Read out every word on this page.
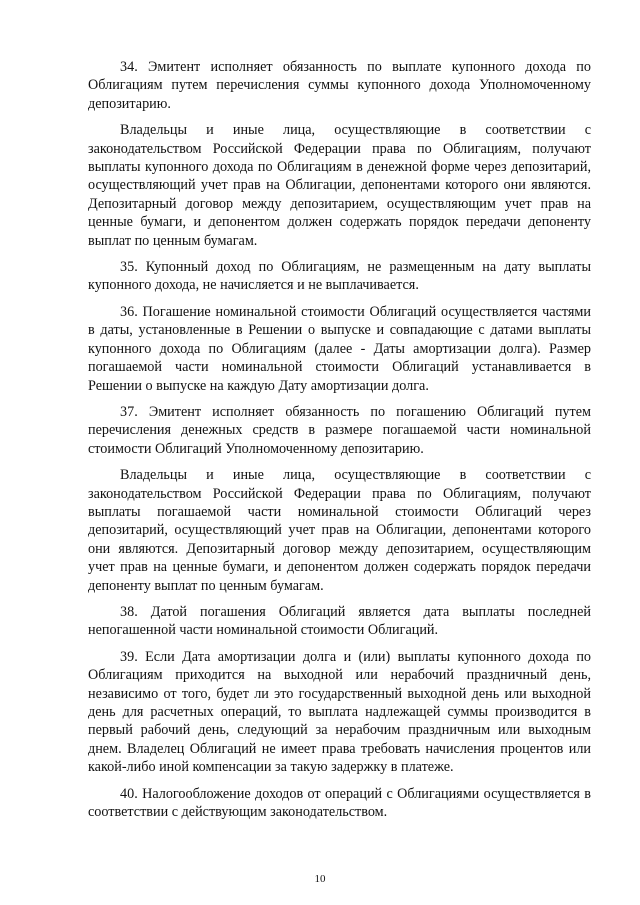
34. Эмитент исполняет обязанность по выплате купонного дохода по Облигациям путем перечисления суммы купонного дохода Уполномоченному депозитарию.

Владельцы и иные лица, осуществляющие в соответствии с законодательством Российской Федерации права по Облигациям, получают выплаты купонного дохода по Облигациям в денежной форме через депозитарий, осуществляющий учет прав на Облигации, депонентами которого они являются. Депозитарный договор между депозитарием, осуществляющим учет прав на ценные бумаги, и депонентом должен содержать порядок передачи депоненту выплат по ценным бумагам.

35. Купонный доход по Облигациям, не размещенным на дату выплаты купонного дохода, не начисляется и не выплачивается.

36. Погашение номинальной стоимости Облигаций осуществляется частями в даты, установленные в Решении о выпуске и совпадающие с датами выплаты купонного дохода по Облигациям (далее - Даты амортизации долга). Размер погашаемой части номинальной стоимости Облигаций устанавливается в Решении о выпуске на каждую Дату амортизации долга.

37. Эмитент исполняет обязанность по погашению Облигаций путем перечисления денежных средств в размере погашаемой части номинальной стоимости Облигаций Уполномоченному депозитарию.

Владельцы и иные лица, осуществляющие в соответствии с законодательством Российской Федерации права по Облигациям, получают выплаты погашаемой части номинальной стоимости Облигаций через депозитарий, осуществляющий учет прав на Облигации, депонентами которого они являются. Депозитарный договор между депозитарием, осуществляющим учет прав на ценные бумаги, и депонентом должен содержать порядок передачи депоненту выплат по ценным бумагам.

38. Датой погашения Облигаций является дата выплаты последней непогашенной части номинальной стоимости Облигаций.

39. Если Дата амортизации долга и (или) выплаты купонного дохода по Облигациям приходится на выходной или нерабочий праздничный день, независимо от того, будет ли это государственный выходной день или выходной день для расчетных операций, то выплата надлежащей суммы производится в первый рабочий день, следующий за нерабочим праздничным или выходным днем. Владелец Облигаций не имеет права требовать начисления процентов или какой-либо иной компенсации за такую задержку в платеже.

40. Налогообложение доходов от операций с Облигациями осуществляется в соответствии с действующим законодательством.

10
